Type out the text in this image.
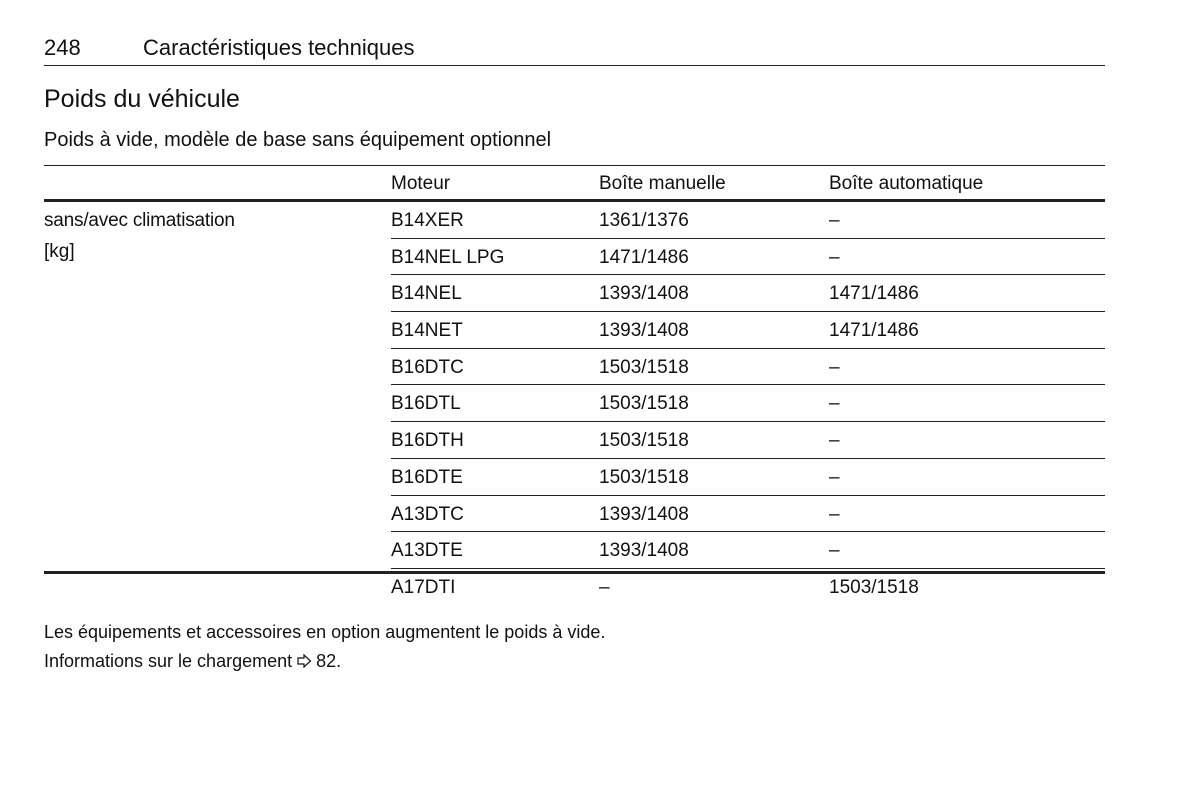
248	Caractéristiques techniques
Poids du véhicule
Poids à vide, modèle de base sans équipement optionnel
Moteur	Boîte manuelle	Boîte automatique
sans/avec climatisation
[kg]
B14XER	1361/1376	–
B14NEL LPG	1471/1486	–
B14NEL	1393/1408	1471/1486
B14NET	1393/1408	1471/1486
B16DTC	1503/1518	–
B16DTL	1503/1518	–
B16DTH	1503/1518	–
B16DTE	1503/1518	–
A13DTC	1393/1408	–
A13DTE	1393/1408	–
A17DTI	–	1503/1518
Les équipements et accessoires en option augmentent le poids à vide.
Informations sur le chargement 82.
